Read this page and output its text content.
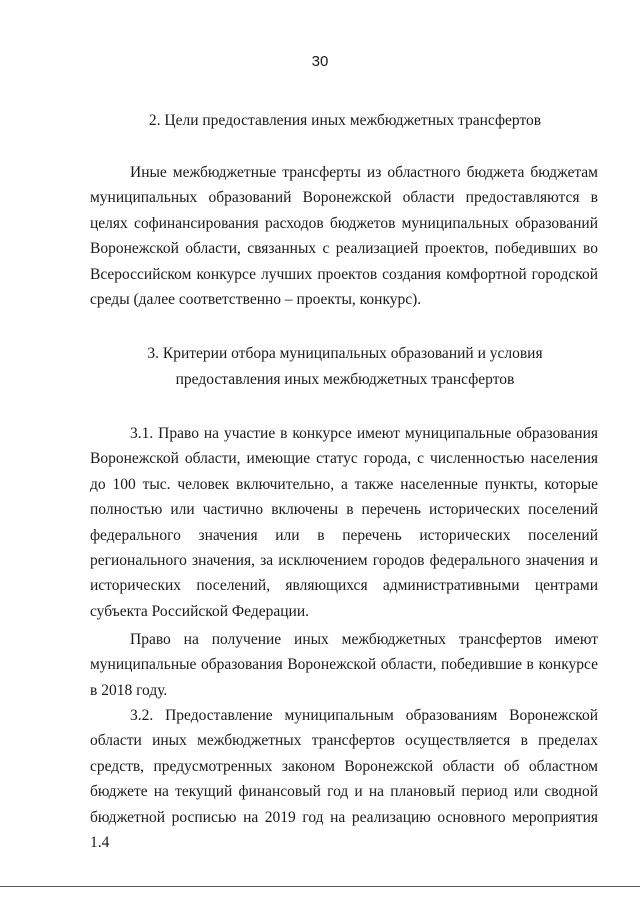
30
2. Цели предоставления иных межбюджетных трансфертов

Иные межбюджетные трансферты из областного бюджета бюджетам муниципальных образований Воронежской области предоставляются в целях софинансирования расходов бюджетов муниципальных образований Воронежской области, связанных с реализацией проектов, победивших во Всероссийском конкурсе лучших проектов создания комфортной городской среды (далее соответственно – проекты, конкурс).

3. Критерии отбора муниципальных образований и условия
предоставления иных межбюджетных трансфертов

3.1. Право на участие в конкурсе имеют муниципальные образования Воронежской области, имеющие статус города, с численностью населения до 100 тыс. человек включительно, а также населенные пункты, которые полностью или частично включены в перечень исторических поселений федерального значения или в перечень исторических поселений регионального значения, за исключением городов федерального значения и исторических поселений, являющихся административными центрами субъекта Российской Федерации.

Право на получение иных межбюджетных трансфертов имеют муниципальные образования Воронежской области, победившие в конкурсе в 2018 году.

3.2. Предоставление муниципальным образованиям Воронежской области иных межбюджетных трансфертов осуществляется в пределах средств, предусмотренных законом Воронежской области об областном бюджете на текущий финансовый год и на плановый период или сводной бюджетной росписью на 2019 год на реализацию основного мероприятия 1.4
